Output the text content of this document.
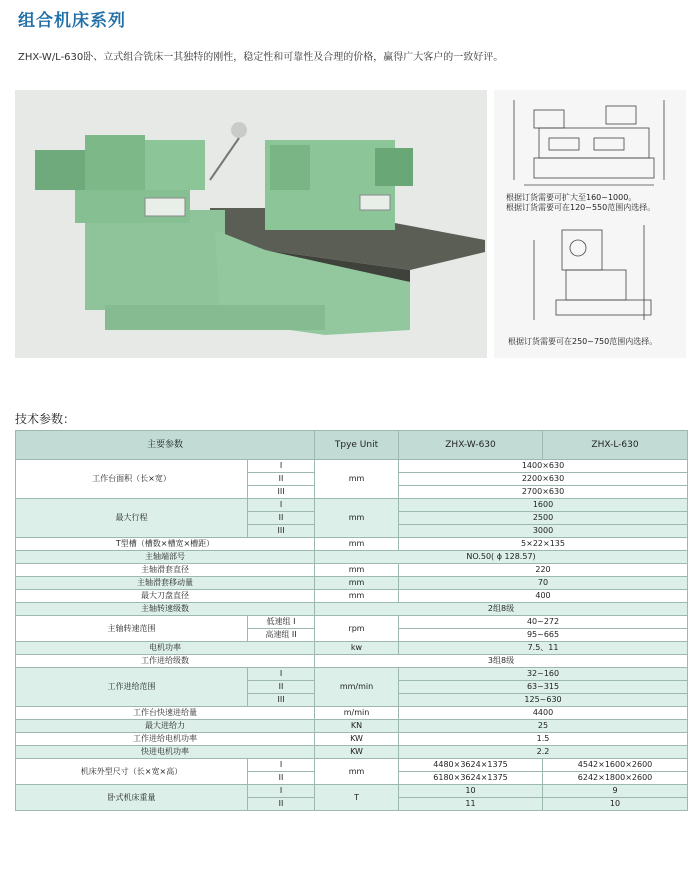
组合机床系列
ZHX-W/L-630卧、立式组合铣床一其独特的刚性，稳定性和可靠性及合理的价格，赢得广大客户的一致好评。
根据订货需要可扩大至160~1000。
根据订货需要可在120~550范围内选择。
根据订货需要可在250~750范围内选择。
技术参数：
主要参数		Tpye Unit	ZHX-W-630	ZHX-L-630
工作台面积（长×宽）	I	mm	1400×630	
	II		2200×630	
	III		2700×630	
最大行程	I	mm	1600	
	II		2500	
	III		3000	
T型槽（槽数×槽宽×槽距）		mm	5×22×135	
主轴端部号		NO.50( ϕ 128.57)		
主轴滑套直径		mm	220	
主轴滑套移动量		mm	70	
最大刀盘直径		mm	400	
主轴转速级数		2组8级		
主轴转速范围	低速组 I	rpm	40~272	
	高速组 II		95~665	
电机功率		kw	7.5、11	
工作进给级数		3组8级		
工作进给范围	I	mm/min	32~160	
	II		63~315	
	III		125~630	
工作台快速进给量		m/min	4400	
最大进给力		KN	25	
工作进给电机功率		KW	1.5	
快进电机功率		KW	2.2	
机床外型尺寸（长×宽×高）	I	mm	4480×3624×1375	4542×1600×2600
	II		6180×3624×1375	6242×1800×2600
卧式机床重量	I	T	10	9
	II		11	10
